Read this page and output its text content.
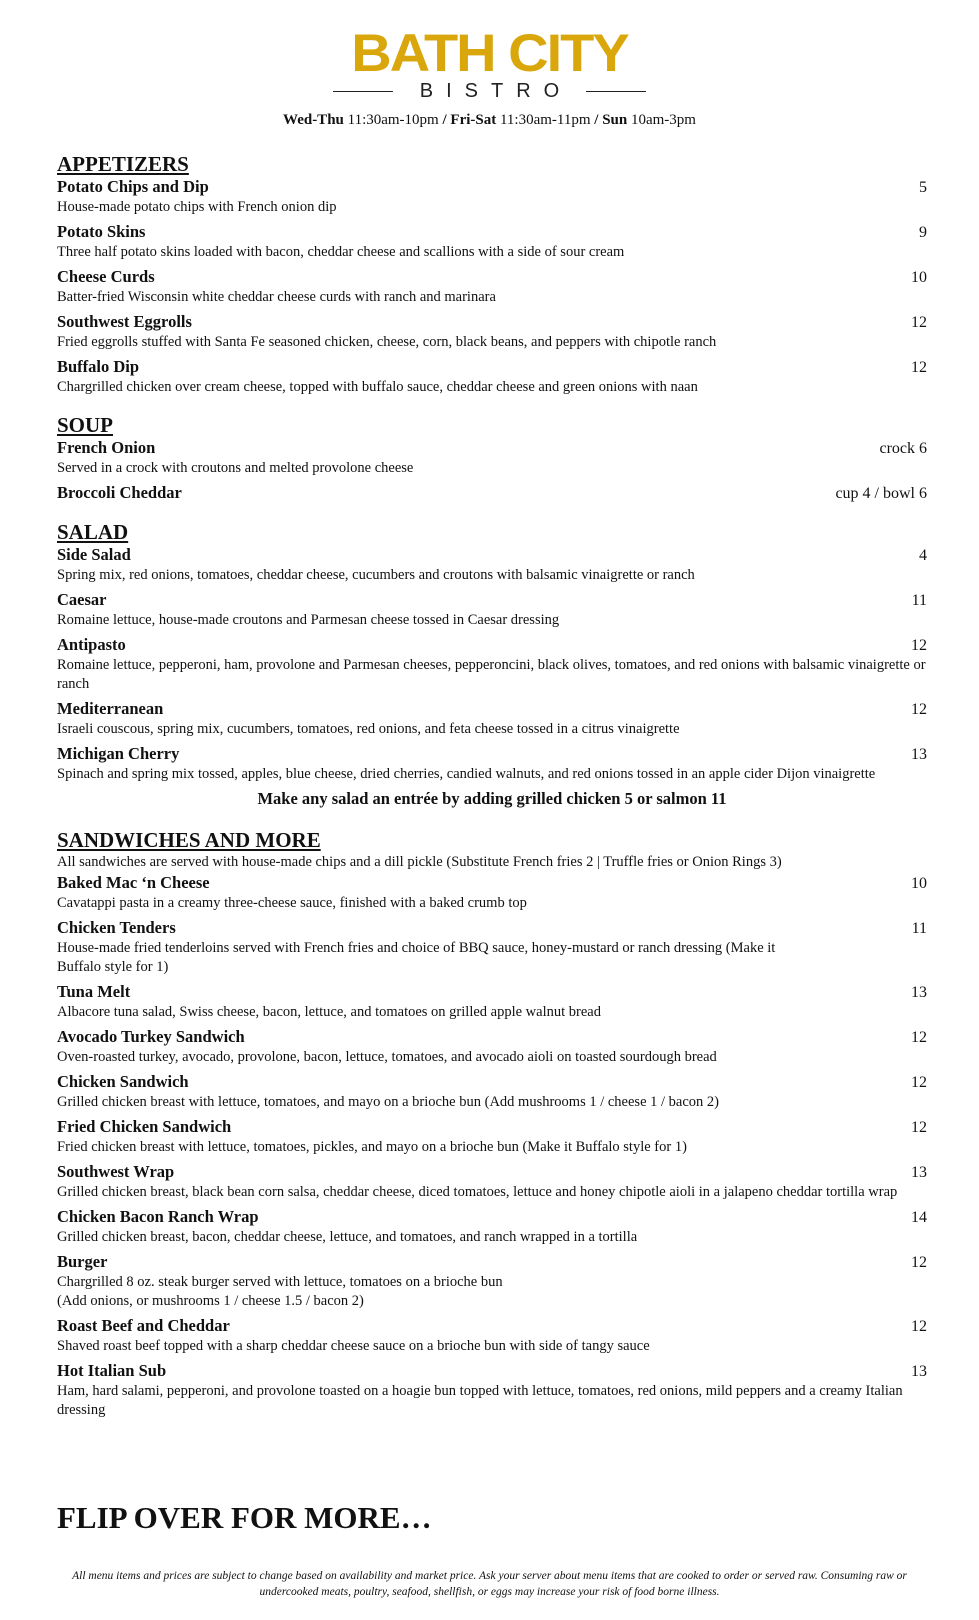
BATH CITY
BISTRO
Wed-Thu 11:30am-10pm / Fri-Sat 11:30am-11pm / Sun 10am-3pm
APPETIZERS
Potato Chips and Dip	5
House-made potato chips with French onion dip
Potato Skins	9
Three half potato skins loaded with bacon, cheddar cheese and scallions with a side of sour cream
Cheese Curds	10
Batter-fried Wisconsin white cheddar cheese curds with ranch and marinara
Southwest Eggrolls	12
Fried eggrolls stuffed with Santa Fe seasoned chicken, cheese, corn, black beans, and peppers with chipotle ranch
Buffalo Dip	12
Chargrilled chicken over cream cheese, topped with buffalo sauce, cheddar cheese and green onions with naan
SOUP
French Onion	crock 6
Served in a crock with croutons and melted provolone cheese
Broccoli Cheddar	cup 4 / bowl 6
SALAD
Side Salad	4
Spring mix, red onions, tomatoes, cheddar cheese, cucumbers and croutons with balsamic vinaigrette or ranch
Caesar	11
Romaine lettuce, house-made croutons and Parmesan cheese tossed in Caesar dressing
Antipasto	12
Romaine lettuce, pepperoni, ham, provolone and Parmesan cheeses, pepperoncini, black olives, tomatoes, and red onions with balsamic vinaigrette or ranch
Mediterranean	12
Israeli couscous, spring mix, cucumbers, tomatoes, red onions, and feta cheese tossed in a citrus vinaigrette
Michigan Cherry	13
Spinach and spring mix tossed, apples, blue cheese, dried cherries, candied walnuts, and red onions tossed in an apple cider Dijon vinaigrette
Make any salad an entrée by adding grilled chicken 5 or salmon 11
SANDWICHES AND MORE
All sandwiches are served with house-made chips and a dill pickle (Substitute French fries 2 | Truffle fries or Onion Rings 3)
Baked Mac ‘n Cheese	10
Cavatappi pasta in a creamy three-cheese sauce, finished with a baked crumb top
Chicken Tenders	11
House-made fried tenderloins served with French fries and choice of BBQ sauce, honey-mustard or ranch dressing (Make it Buffalo style for 1)
Tuna Melt	13
Albacore tuna salad, Swiss cheese, bacon, lettuce, and tomatoes on grilled apple walnut bread
Avocado Turkey Sandwich	12
Oven-roasted turkey, avocado, provolone, bacon, lettuce, tomatoes, and avocado aioli on toasted sourdough bread
Chicken Sandwich	12
Grilled chicken breast with lettuce, tomatoes, and mayo on a brioche bun (Add mushrooms 1 / cheese 1 / bacon 2)
Fried Chicken Sandwich	12
Fried chicken breast with lettuce, tomatoes, pickles, and mayo on a brioche bun (Make it Buffalo style for 1)
Southwest Wrap	13
Grilled chicken breast, black bean corn salsa, cheddar cheese, diced tomatoes, lettuce and honey chipotle aioli in a jalapeno cheddar tortilla wrap
Chicken Bacon Ranch Wrap	14
Grilled chicken breast, bacon, cheddar cheese, lettuce, and tomatoes, and ranch wrapped in a tortilla
Burger	12
Chargrilled 8 oz. steak burger served with lettuce, tomatoes on a brioche bun
(Add onions, or mushrooms 1 / cheese 1.5 / bacon 2)
Roast Beef and Cheddar	12
Shaved roast beef topped with a sharp cheddar cheese sauce on a brioche bun with side of tangy sauce
Hot Italian Sub	13
Ham, hard salami, pepperoni, and provolone toasted on a hoagie bun topped with lettuce, tomatoes, red onions, mild peppers and a creamy Italian dressing
FLIP OVER FOR MORE…
All menu items and prices are subject to change based on availability and market price. Ask your server about menu items that are cooked to order or served raw. Consuming raw or undercooked meats, poultry, seafood, shellfish, or eggs may increase your risk of food borne illness.
